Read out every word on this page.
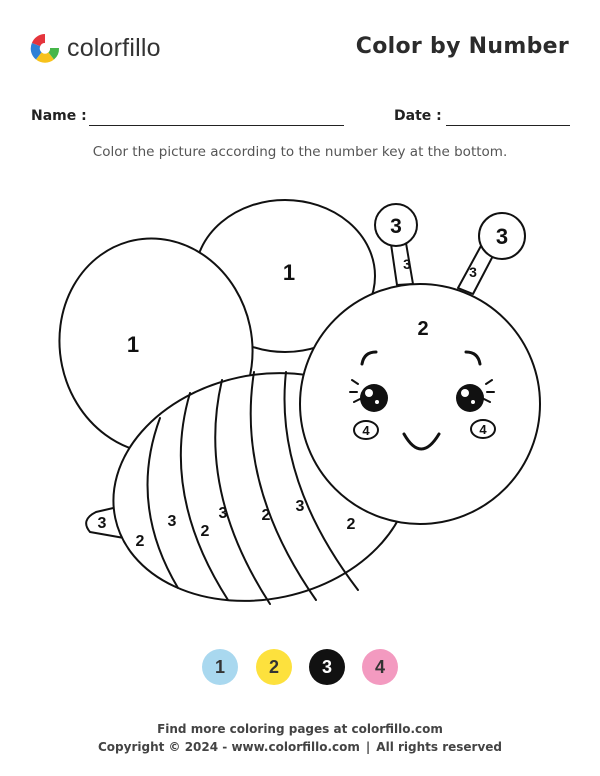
colorfillo	Color by Number
Name :	Date :
Color the picture according to the number key at the bottom.
1
1
2
3	3
3	3
4	4
3
2
3
2
3 2
3
2
1 2 3 4
Find more coloring pages at colorfillo.com
Copyright © 2024 - www.colorfillo.com | All rights reserved
